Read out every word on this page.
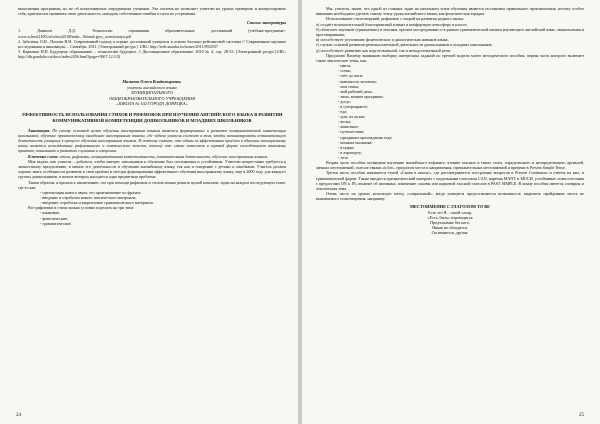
выполнения программы, но не об испытываемых затруднениях учеников. Эта система не позволяет учителю на уроках проверить и контролировать себя, критически оценивать свою деятельность, находить собственные ошибки и пути их устранения.

Список литературы

1. Данилов Д.Д. Технологии оценивания образовательных достижений (учебная-программа:-www.school2100.ru/school2100/nobr...Atbnob.grys_ocenivaniya.pdf

2. Заботина О.Н., Попова В.Н. Современный подход к оценке достижений учащихся в основе балльно-рейтинговой системы // Современные научные исследования и инновации. – Сентябрь, 2011. [Электронный ресурс]. URL: http://web.snauka.ru/issues/2011/09/2557

3. Карпенко Н.П. Будущему образованию – технологию будущего. // Дистанционное образование. 2010 № 4. стр. 28-33. [Электронный ресурс].URL: http://db.gondolin.ru/docs/index2456.html?page=5007.12.3.5)

Мамаева Олеся Владимировна,
учитель английского языка
МУНИЦИПАЛЬНОГО
ОБЩЕОБРАЗОВАТЕЛЬНОГО УЧРЕЖДЕНИЯ
«ШКОЛА № 102 ГОРОДА ДОНЕЦКА»
ЭФФЕКТИВНОСТЬ ИСПОЛЬЗОВАНИЯ СТИХОВ И РИФМОВОК ПРИ ИЗУЧЕНИИ АНГЛИЙСКОГО ЯЗЫКА В РАЗВИТИИ КОММУНИКАТИВНОЙ КОМПЕТЕНЦИИ ДОШКОЛЬНИКОВ И МЛАДШИХ ШКОЛЬНИКОВ

Аннотация. По своему основной целью обучения иностранным языкам является формирование и развитие коммуникативной компетенции школьников, обучение практическому овладению иностранным языком, где задача учителя состоит в том, чтобы активизировать познавательную деятельность учащихся в процессе обучения иностранным языкам. И поэтому считаю, что одним из эффективных приёмов в обучении иностранному языку является использование рифмованного и поэтического текста, потому что стихи помогают в игровой форме способствуют языковому приятию, пониманию и развитию слушания и говорения.

Ключевые слова: стихи, рифмовки, коммуникативная компетентность, познавательная деятельность, обучение иностранным языкам.

Моя задача, как учителя – добиться, чтобы интерес школьников к обучению был постоянным и устойчивым. Учителю непрестанно требуется к личностному преодолению, в начале его деятельности и обучению английскому языку, так как и говорение с детьми и ошибками. Учитель должен хорошо знать особенности развития и свои приёмы и методы формирования эффективного обучения иностранному языку, еще в 2000 году для каждого группы дошкольников, в начале которых находится одна предметная проблема.

Таким образом, я пришла к заключению, что при помощи рифмовок и стихов можно решить целый комплекс задач на каждом последующем этапе, где-то как:

- презентация нового звука, его произношение по фразам;
- введение и отработка нового лексического материала;
- введение, отработка и закрепление грамматического материала.

Все рифмовки и стихи можно условно поделить на три типа:

- языковые;
- фонетические;
- грамматические.
24

Мы, учителя, знаем, что одной из главных задач на начальном этапе обучения является постановка правильного произношения, потому особое внимание необходимо уделять такому этапу урока английского языка, как фонетическая зарядка.

Использование стихотворений, рифмовок с опорой на развития родного языка:

а) создаёт вспомогательной благоприятный климат и комфортную атмосферу в классе;

б) облегчает изучение (грамматики) и лексики, причем опосредованно и в рамках грамматической памяти изучающего английский язык, ознакомления и проговаривания;

в) способствует улучшению фонетических и диалогических навыков языка;

г) служит основой развития речемыслительной деятельности дошкольников и младших школьников;

д) способствует развитию как подготовленной, так и неподготовленной речи.

Предлагаю Вашему вниманию выборку интересных заданий по третьей модели моего методического пособия, первая часть которого включает такие лексические темы, как:

- цвета;
- осень;
- счёт до пяти;
- внешность человека;
- моя семья;
- мой рабочий день;
- зима, зимние праздники;
- досуг;
- в супермаркете;
- еда;
- дом, их кухне;
- весна;
- животные;
- путешествия;
- праздники прохождения года;
- комната мальчика;
- в цирке;
- в аэропорту;
- лето.

Вторая часть пособия посвящена изучению английского алфавита, чтению гласных в типах слога, определенного и неопределенного артиклей, личных местоимений, глагола-связки «to be», предлогов места и направления, притяжательных местоимений и времени в Present Simple Tense.

Третья часть пособия начинается темой «Снова в школу», где рассматривается построение вопросов в Present Continuous и ответы на них, в грамматической форме. Также вводятся грамматический материал с модальными глаголами CAN, наречия MANY и MUCH, устойчивые словосочетания с предлогами ON и IN, понятие об активных, изменение основы или корневой гласной глаголов в PAST SIMPLE. В конце пособия имеется словарик и лексическая тема.

Очень часто на уроках использую метод «спиральный», когда учащиеся предоставляется возможность закрепить пройденные места не вызываемого стихотворения, например:

МЕСТОИМЕНИЕ С ГЛАГОЛОМ ТО BE
Есть это Я – такой сахар,
«Есть, быть» переводится
Предложение без него,
Никак не обходится.
Он меняется, друзья:
25
